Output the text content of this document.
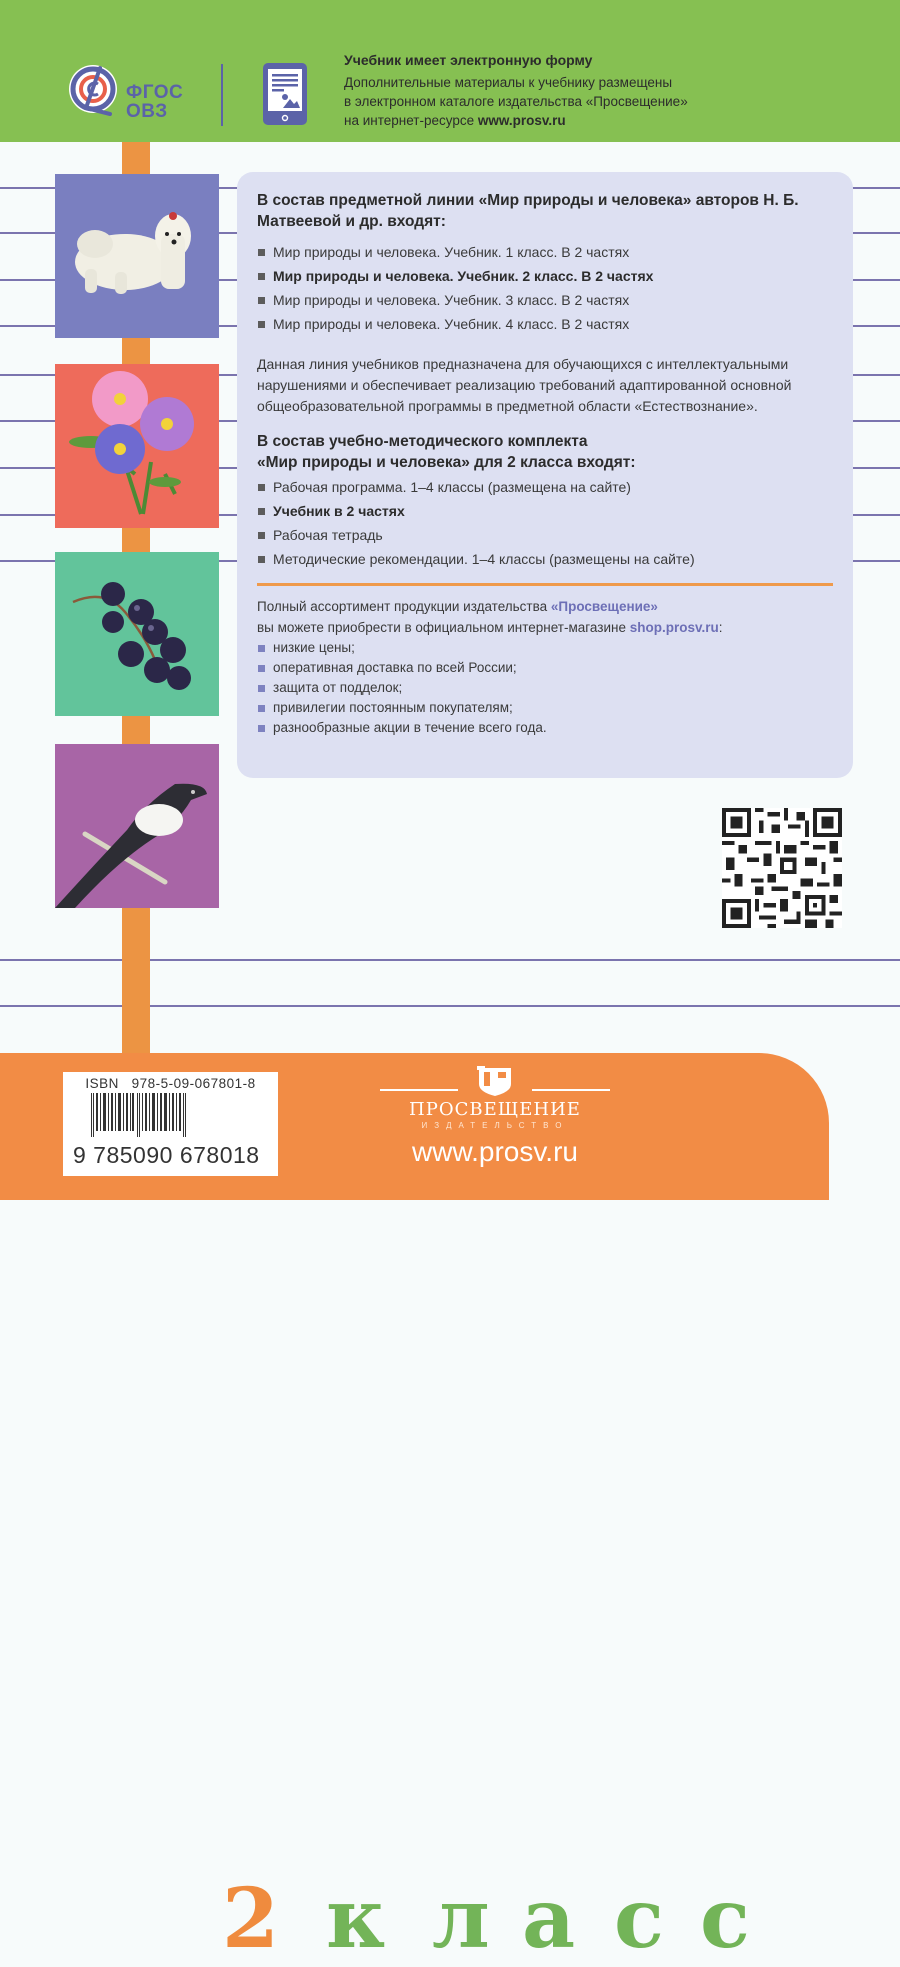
ФГОС
ОВЗ
Учебник имеет электронную форму
Дополнительные материалы к учебнику размещены
в электронном каталоге издательства «Просвещение»
на интернет-ресурсе www.prosv.ru
В состав предметной линии «Мир природы и человека» авторов Н. Б. Матвеевой и др. входят:
Мир природы и человека. Учебник. 1 класс. В 2 частях
Мир природы и человека. Учебник. 2 класс. В 2 частях
Мир природы и человека. Учебник. 3 класс. В 2 частях
Мир природы и человека. Учебник. 4 класс. В 2 частях

Данная линия учебников предназначена для обучающихся с интеллектуальными нарушениями и обеспечивает реализацию требований адаптированной основной общеобразовательной программы в предметной области «Естествознание».

В состав учебно-методического комплекта
«Мир природы и человека» для 2 класса входят:
Рабочая программа. 1–4 классы (размещена на сайте)
Учебник в 2 частях
Рабочая тетрадь
Методические рекомендации. 1–4 классы (размещены на сайте)
Полный ассортимент продукции издательства «Просвещение»
вы можете приобрести в официальном интернет-магазине shop.prosv.ru:
низкие цены;
оперативная доставка по всей России;
защита от подделок;
привилегии постоянным покупателям;
разнообразные акции в течение всего года.
2 к л а с с
ISBN   978-5-09-067801-8
9 785090 678018
ПРОСВЕЩЕНИЕ
ИЗДАТЕЛЬСТВО
www.prosv.ru
